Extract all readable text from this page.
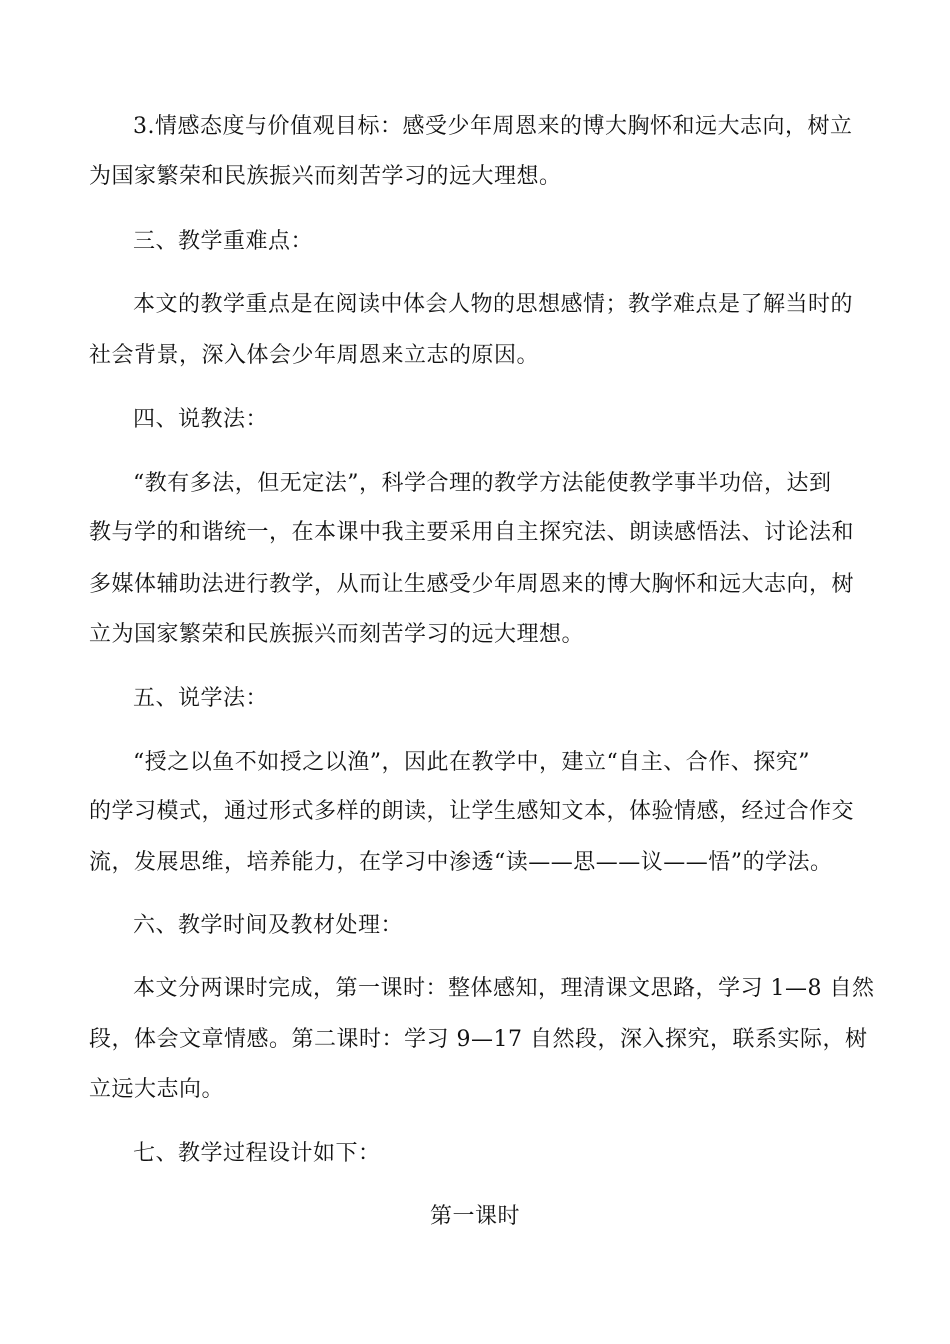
3.情感态度与价值观目标：感受少年周恩来的博大胸怀和远大志向，树立
为国家繁荣和民族振兴而刻苦学习的远大理想。
三、教学重难点：
本文的教学重点是在阅读中体会人物的思想感情；教学难点是了解当时的
社会背景，深入体会少年周恩来立志的原因。
四、说教法：
“教有多法，但无定法”，科学合理的教学方法能使教学事半功倍，达到
教与学的和谐统一，在本课中我主要采用自主探究法、朗读感悟法、讨论法和
多媒体辅助法进行教学，从而让生感受少年周恩来的博大胸怀和远大志向，树
立为国家繁荣和民族振兴而刻苦学习的远大理想。
五、说学法：
“授之以鱼不如授之以渔”，因此在教学中，建立“自主、合作、探究”
的学习模式，通过形式多样的朗读，让学生感知文本，体验情感，经过合作交
流，发展思维，培养能力，在学习中渗透“读——思——议——悟”的学法。
六、教学时间及教材处理：
本文分两课时完成，第一课时：整体感知，理清课文思路，学习 1—8 自然
段，体会文章情感。第二课时：学习 9—17 自然段，深入探究，联系实际，树
立远大志向。
七、教学过程设计如下：
第一课时
